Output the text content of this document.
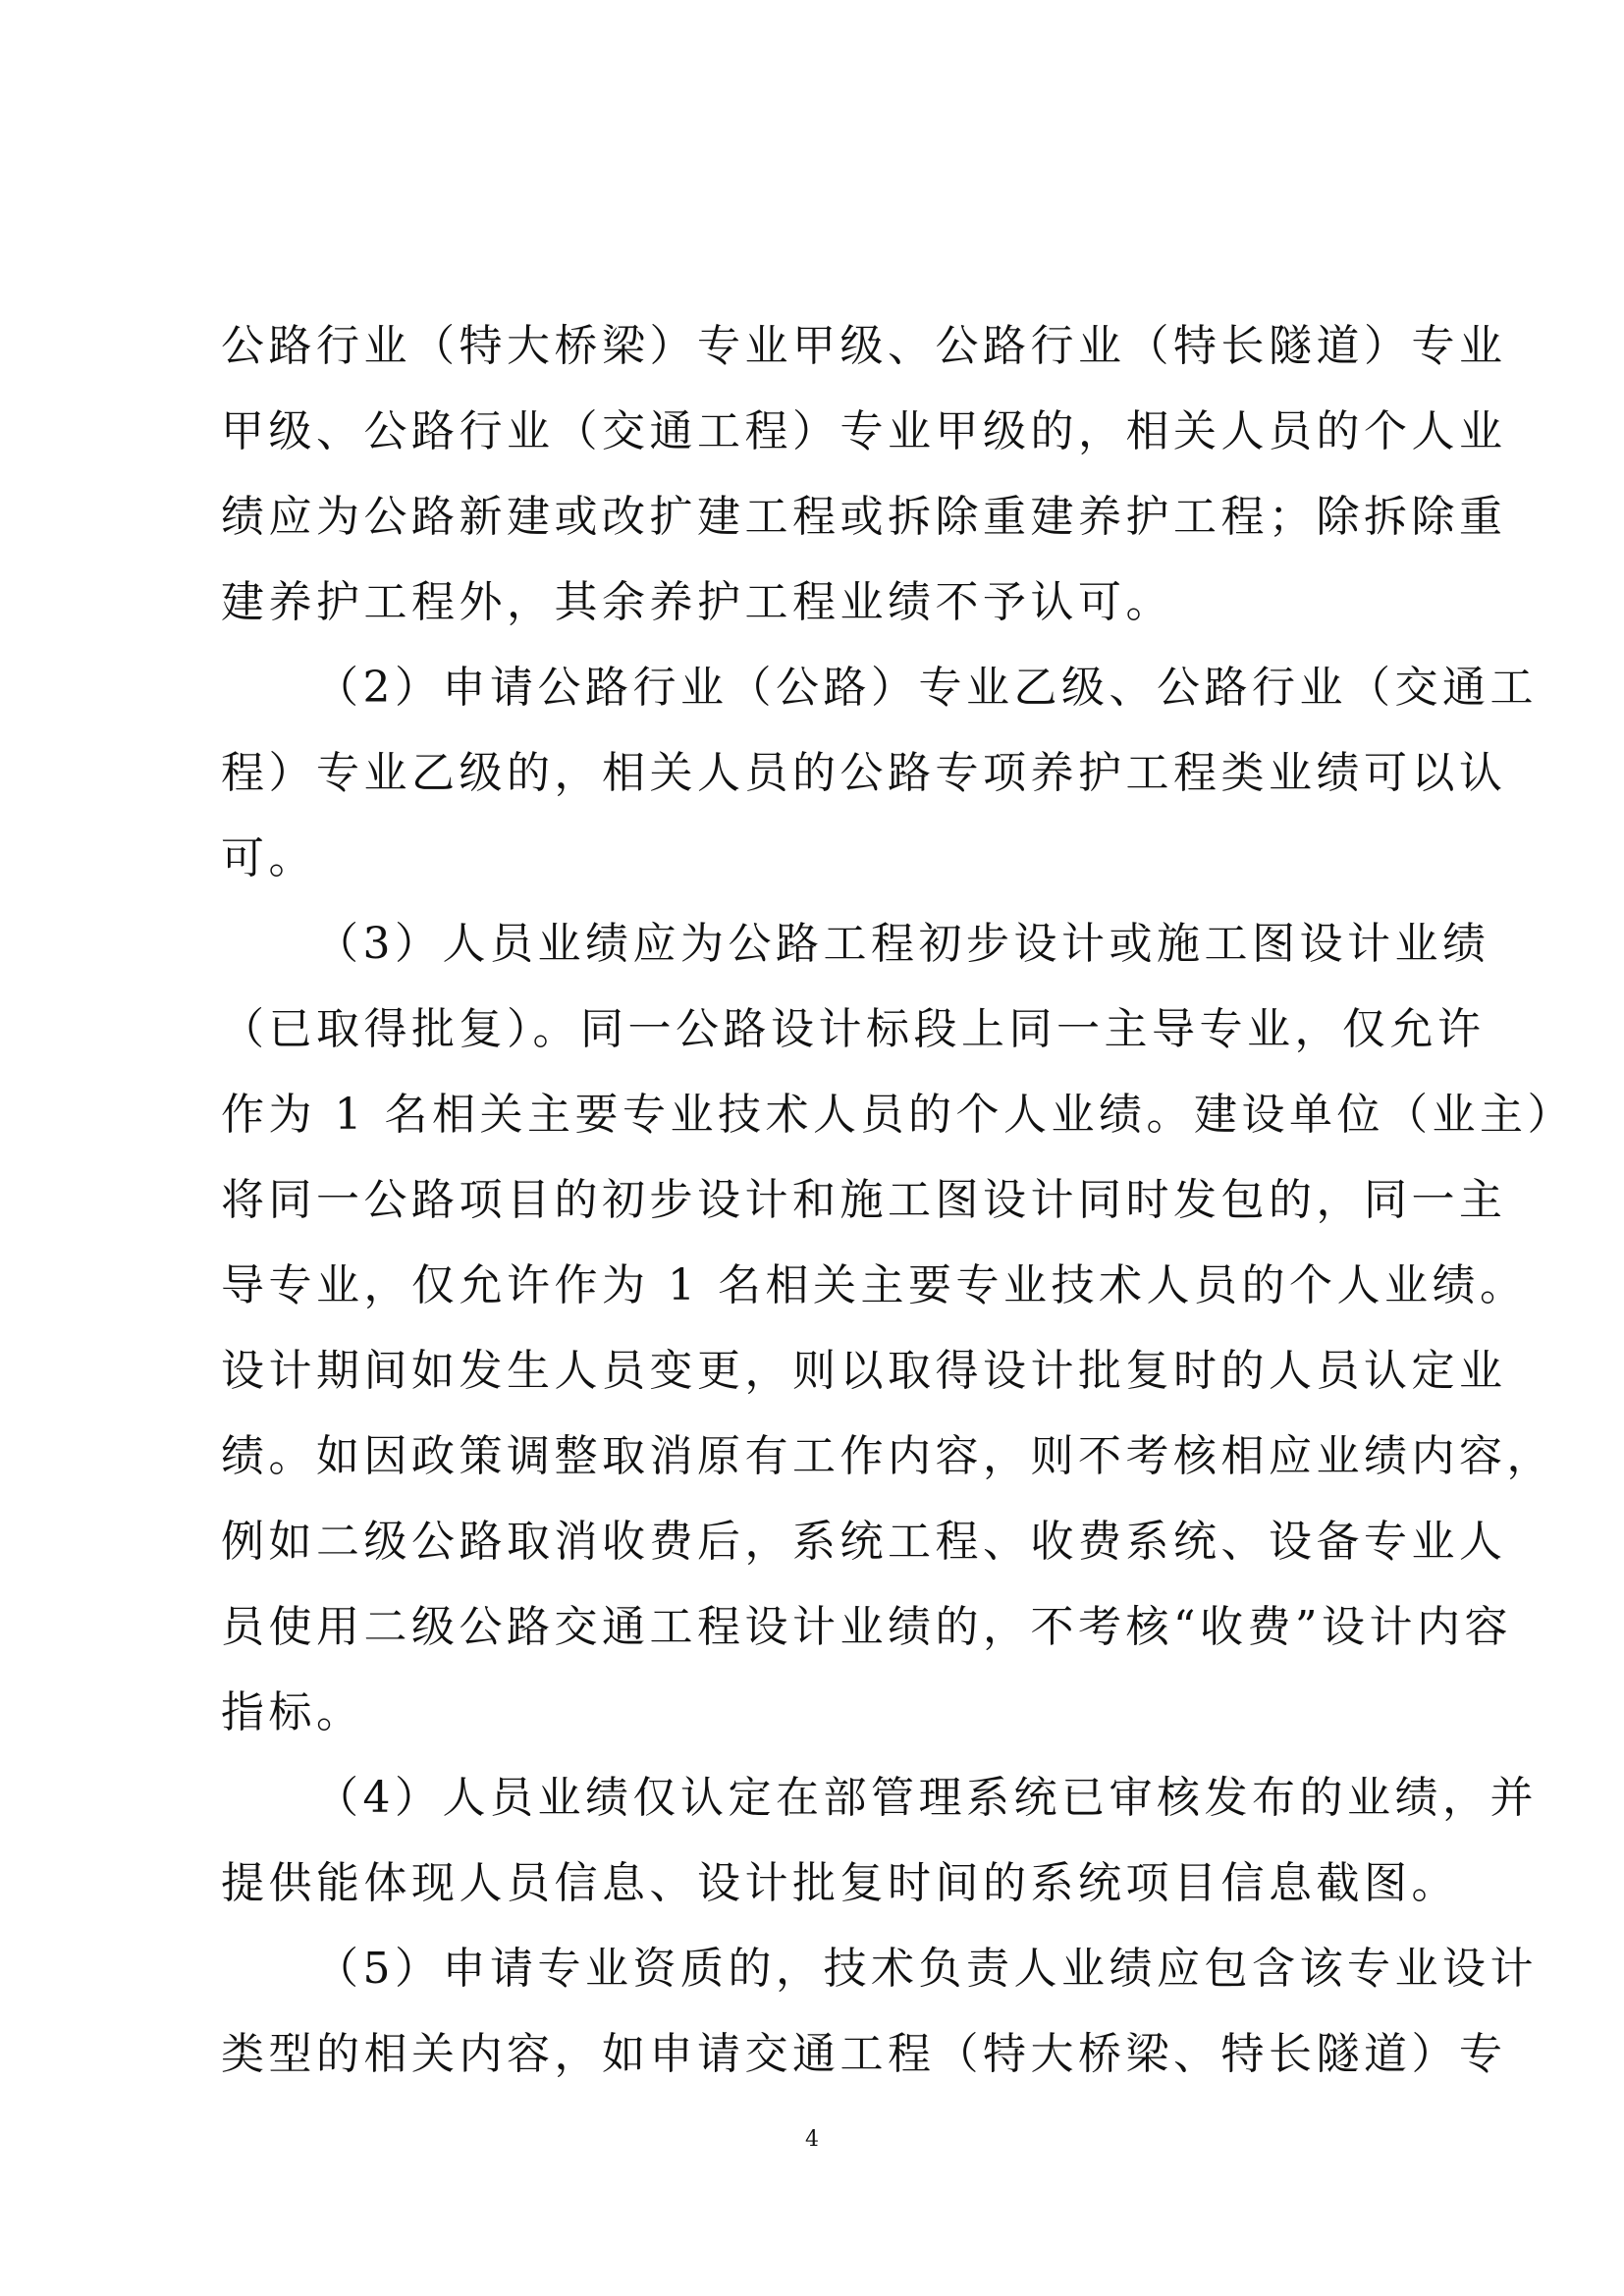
公路行业（特大桥梁）专业甲级、公路行业（特长隧道）专业
甲级、公路行业（交通工程）专业甲级的，相关人员的个人业
绩应为公路新建或改扩建工程或拆除重建养护工程；除拆除重
建养护工程外，其余养护工程业绩不予认可。
（2）申请公路行业（公路）专业乙级、公路行业（交通工
程）专业乙级的，相关人员的公路专项养护工程类业绩可以认
可。
（3）人员业绩应为公路工程初步设计或施工图设计业绩
（已取得批复）。同一公路设计标段上同一主导专业，仅允许
作为 1 名相关主要专业技术人员的个人业绩。建设单位（业主）
将同一公路项目的初步设计和施工图设计同时发包的，同一主
导专业，仅允许作为 1 名相关主要专业技术人员的个人业绩。
设计期间如发生人员变更，则以取得设计批复时的人员认定业
绩。如因政策调整取消原有工作内容，则不考核相应业绩内容，
例如二级公路取消收费后，系统工程、收费系统、设备专业人
员使用二级公路交通工程设计业绩的，不考核“收费”设计内容
指标。
（4）人员业绩仅认定在部管理系统已审核发布的业绩，并
提供能体现人员信息、设计批复时间的系统项目信息截图。
（5）申请专业资质的，技术负责人业绩应包含该专业设计
类型的相关内容，如申请交通工程（特大桥梁、特长隧道）专
4
